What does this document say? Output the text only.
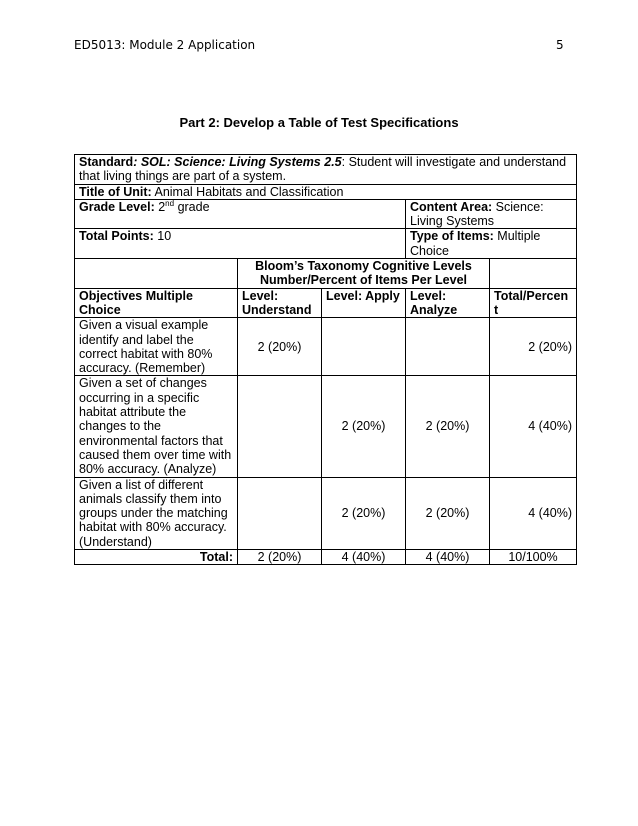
ED5013: Module 2 Application	5
Part 2: Develop a Table of Test Specifications
Standard: SOL: Science: Living Systems 2.5: Student will investigate and understand that living things are part of a system.				
Title of Unit: Animal Habitats and Classification				
Grade Level: 2nd grade			Content Area: Science: Living Systems	
Total Points: 10			Type of Items: Multiple Choice	
	Bloom’s Taxonomy Cognitive Levels Number/Percent of Items Per Level			
Objectives Multiple Choice	Level: Understand	Level: Apply	Level: Analyze	Total/Percent
Given a visual example identify and label the correct habitat with 80% accuracy. (Remember)	2 (20%)			2 (20%)
Given a set of changes occurring in a specific habitat attribute the changes to the environmental factors that caused them over time with 80% accuracy. (Analyze)		2 (20%)	2 (20%)	4 (40%)
Given a list of different animals classify them into groups under the matching habitat with 80% accuracy. (Understand)		2 (20%)	2 (20%)	4 (40%)
Total:	2 (20%)	4 (40%)	4 (40%)	10/100%
